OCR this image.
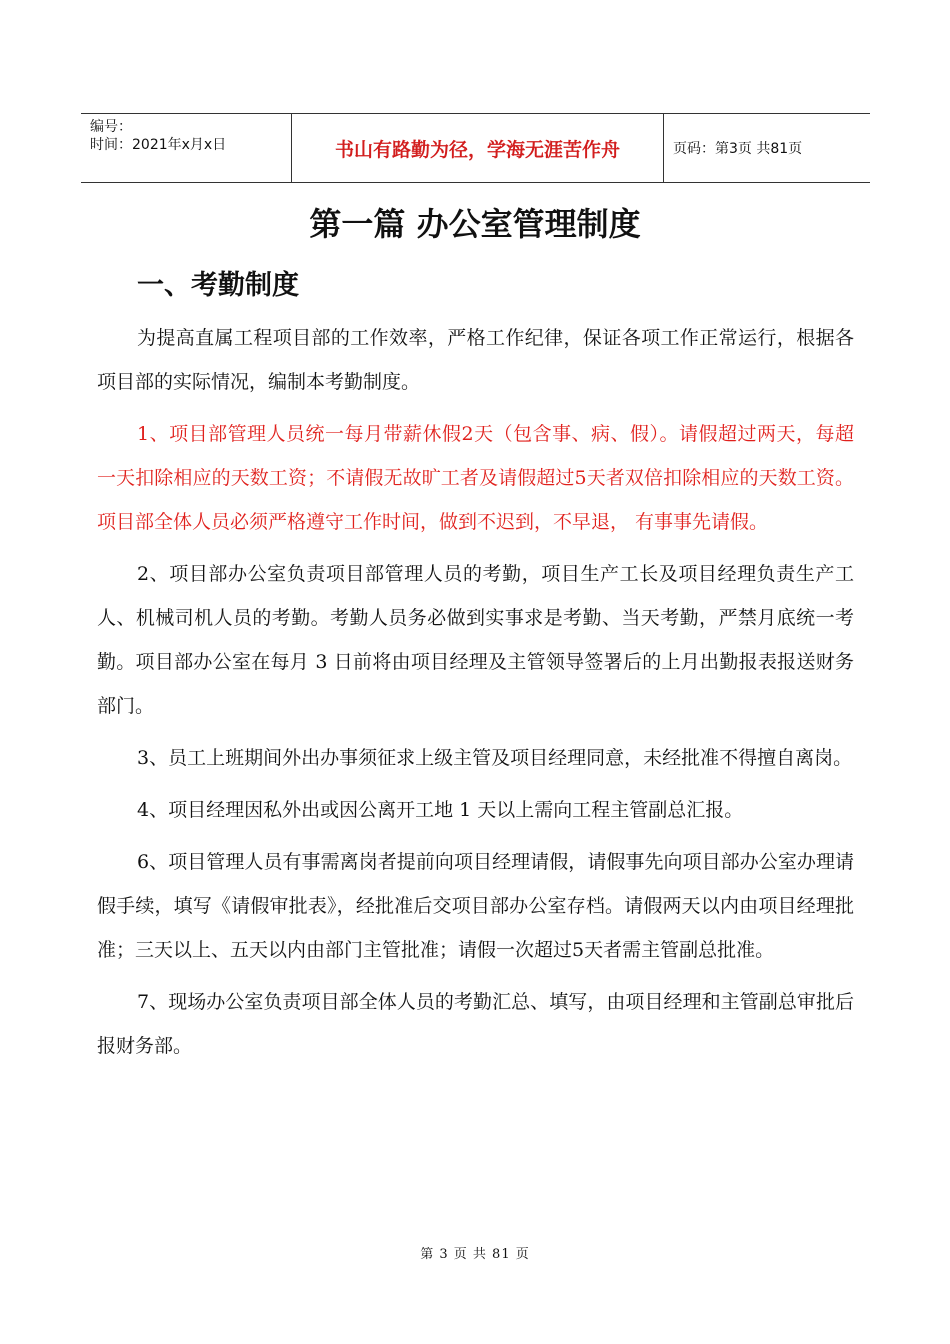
编号：
时间：2021年x月x日	书山有路勤为径，学海无涯苦作舟	页码：第3页 共81页
第一篇 办公室管理制度
一、考勤制度

为提高直属工程项目部的工作效率，严格工作纪律，保证各项工作正常运行，根据各项目部的实际情况，编制本考勤制度。

1、项目部管理人员统一每月带薪休假2天（包含事、病、假）。请假超过两天，每超一天扣除相应的天数工资；不请假无故旷工者及请假超过5天者双倍扣除相应的天数工资。项目部全体人员必须严格遵守工作时间，做到不迟到，不早退， 有事事先请假。

2、项目部办公室负责项目部管理人员的考勤，项目生产工长及项目经理负责生产工人、机械司机人员的考勤。考勤人员务必做到实事求是考勤、当天考勤，严禁月底统一考勤。项目部办公室在每月 3 日前将由项目经理及主管领导签署后的上月出勤报表报送财务部门。

3、员工上班期间外出办事须征求上级主管及项目经理同意，未经批准不得擅自离岗。

4、项目经理因私外出或因公离开工地 1 天以上需向工程主管副总汇报。

6、项目管理人员有事需离岗者提前向项目经理请假，请假事先向项目部办公室办理请假手续，填写《请假审批表》，经批准后交项目部办公室存档。请假两天以内由项目经理批准；三天以上、五天以内由部门主管批准；请假一次超过5天者需主管副总批准。

7、现场办公室负责项目部全体人员的考勤汇总、填写，由项目经理和主管副总审批后报财务部。

第 3 页 共 81 页
